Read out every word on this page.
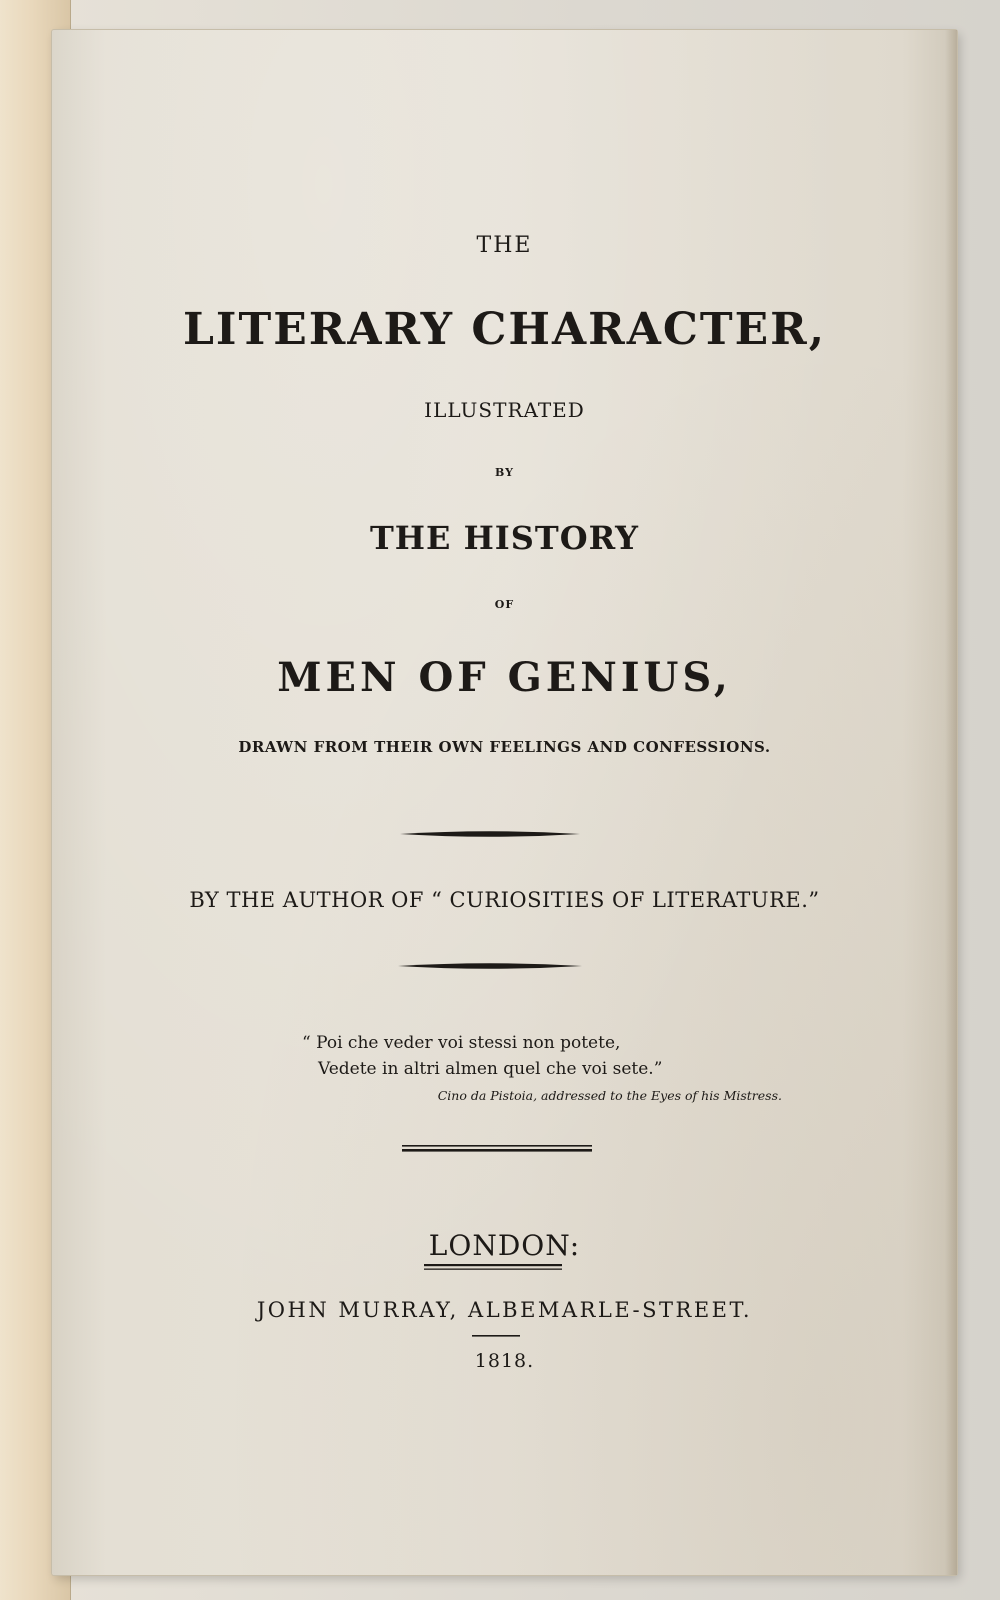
THE
LITERARY CHARACTER,
ILLUSTRATED
BY
THE HISTORY
OF
MEN OF GENIUS,
DRAWN FROM THEIR OWN FEELINGS AND CONFESSIONS.
BY THE AUTHOR OF “ CURIOSITIES OF LITERATURE.”
“ Poi che veder voi stessi non potete,
Vedete in altri almen quel che voi sete.”
Cino da Pistoia, addressed to the Eyes of his Mistress.
LONDON:
JOHN MURRAY, ALBEMARLE-STREET.
1818.
